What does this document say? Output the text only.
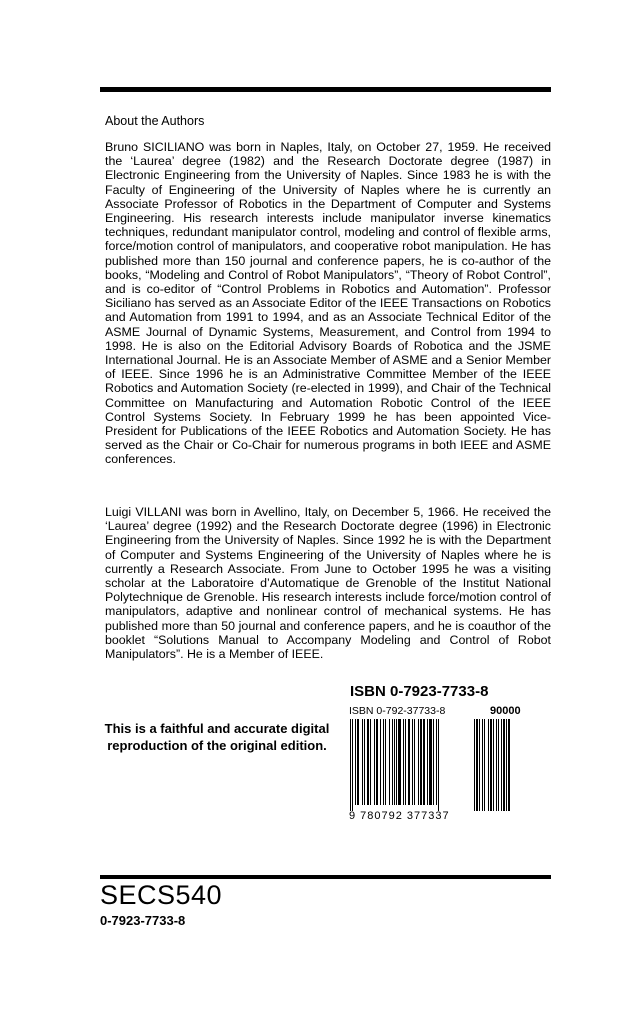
About the Authors

Bruno SICILIANO was born in Naples, Italy, on October 27, 1959. He received the ‘Laurea’ degree (1982) and the Research Doctorate degree (1987) in Electronic Engineering from the University of Naples. Since 1983 he is with the Faculty of Engineering of the University of Naples where he is currently an Associate Professor of Robotics in the Department of Computer and Systems Engineering. His research interests include manipulator inverse kinematics techniques, redundant manipulator control, modeling and control of flexible arms, force/motion control of manipulators, and cooperative robot manipulation. He has published more than 150 journal and conference papers, he is co-author of the books, “Modeling and Control of Robot Manipulators”, “Theory of Robot Control”, and is co-editor of “Control Problems in Robotics and Automation”. Professor Siciliano has served as an Associate Editor of the IEEE Transactions on Robotics and Automation from 1991 to 1994, and as an Associate Technical Editor of the ASME Journal of Dynamic Systems, Measurement, and Control from 1994 to 1998. He is also on the Editorial Advisory Boards of Robotica and the JSME International Journal. He is an Associate Member of ASME and a Senior Member of IEEE. Since 1996 he is an Administrative Committee Member of the IEEE Robotics and Automation Society (re-elected in 1999), and Chair of the Technical Committee on Manufacturing and Automation Robotic Control of the IEEE Control Systems Society. In February 1999 he has been appointed Vice-President for Publications of the IEEE Robotics and Automation Society. He has served as the Chair or Co-Chair for numerous programs in both IEEE and ASME conferences.

Luigi VILLANI was born in Avellino, Italy, on December 5, 1966. He received the ‘Laurea’ degree (1992) and the Research Doctorate degree (1996) in Electronic Engineering from the University of Naples. Since 1992 he is with the Department of Computer and Systems Engineering of the University of Naples where he is currently a Research Associate. From June to October 1995 he was a visiting scholar at the Laboratoire d’Automatique de Grenoble of the Institut National Polytechnique de Grenoble. His research interests include force/motion control of manipulators, adaptive and nonlinear control of mechanical systems. He has published more than 50 journal and conference papers, and he is coauthor of the booklet “Solutions Manual to Accompany Modeling and Control of Robot Manipulators”. He is a Member of IEEE.

ISBN 0-7923-7733-8
This is a faithful and accurate digital
reproduction of the original edition.
ISBN 0-792-37733-8	90000
9 780792 377337
SECS540
0-7923-7733-8
